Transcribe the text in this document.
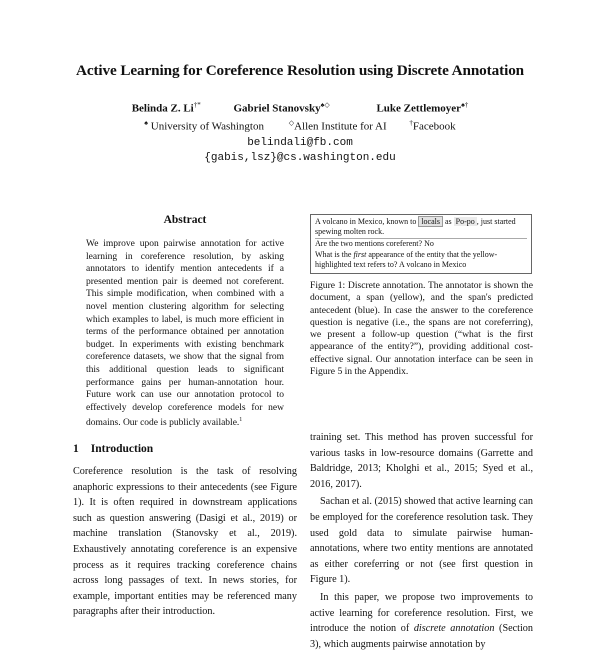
Active Learning for Coreference Resolution using Discrete Annotation
Belinda Z. Li†*	Gabriel Stanovsky♠◇	Luke Zettlemoyer♠†
♠ University of Washington	◇Allen Institute for AI	†Facebook
belindali@fb.com
{gabis,lsz}@cs.washington.edu
Abstract

We improve upon pairwise annotation for active learning in coreference resolution, by asking annotators to identify mention antecedents if a presented mention pair is deemed not coreferent. This simple modification, when combined with a novel mention clustering algorithm for selecting which examples to label, is much more efficient in terms of the performance obtained per annotation budget. In experiments with existing benchmark coreference datasets, we show that the signal from this additional question leads to significant performance gains per human-annotation hour. Future work can use our annotation protocol to effectively develop coreference models for new domains. Our code is publicly available.$^1$

1 Introduction

Coreference resolution is the task of resolving anaphoric expressions to their antecedents (see Figure 1). It is often required in downstream applications such as question answering (Dasigi et al., 2019) or machine translation (Stanovsky et al., 2019). Exhaustively annotating coreference is an expensive process as it requires tracking coreference chains across long passages of text. In news stories, for example, important entities may be referenced many paragraphs after their introduction.

A volcano in Mexico, known to locals as Po-po , just started spewing molten rock.

Are the two mentions coreferent? No

What is the first appearance of the entity that the yellow-highlighted text refers to? A volcano in Mexico

Figure 1: Discrete annotation. The annotator is shown the document, a span (yellow), and the span's predicted antecedent (blue). In case the answer to the coreference question is negative (i.e., the spans are not coreferring), we present a follow-up question (“what is the first appearance of the entity?”), providing additional cost-effective signal. Our annotation interface can be seen in Figure 5 in the Appendix.

training set. This method has proven successful for various tasks in low-resource domains (Garrette and Baldridge, 2013; Kholghi et al., 2015; Syed et al., 2016, 2017).

Sachan et al. (2015) showed that active learning can be employed for the coreference resolution task. They used gold data to simulate pairwise human-annotations, where two entity mentions are annotated as either coreferring or not (see first question in Figure 1).

In this paper, we propose two improvements to active learning for coreference resolution. First, we introduce the notion of discrete annotation (Section 3), which augments pairwise annotation by
